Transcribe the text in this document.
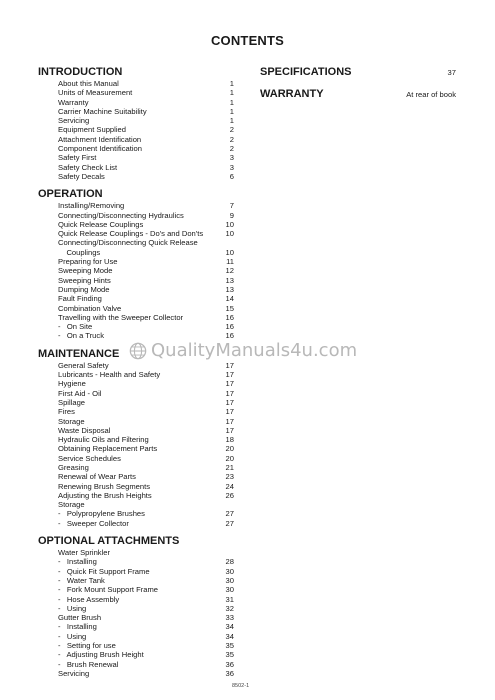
CONTENTS
INTRODUCTION
About this Manual	1
Units of Measurement	1
Warranty	1
Carrier Machine Suitability	1
Servicing	1
Equipment Supplied	2
Attachment Identification	2
Component Identification	2
Safety First	3
Safety Check List	3
Safety Decals	6
OPERATION
Installing/Removing	7
Connecting/Disconnecting Hydraulics	9
Quick Release Couplings	10
Quick Release Couplings - Do's and Don'ts	10
Connecting/Disconnecting Quick Release
Couplings	10
Preparing for Use	11
Sweeping Mode	12
Sweeping Hints	13
Dumping Mode	13
Fault Finding	14
Combination Valve	15
Travelling with the Sweeper Collector	16
-   On Site	16
-   On a Truck	16
MAINTENANCE
General Safety	17
Lubricants - Health and Safety	17
Hygiene	17
First Aid - Oil	17
Spillage	17
Fires	17
Storage	17
Waste Disposal	17
Hydraulic Oils and Filtering	18
Obtaining Replacement Parts	20
Service Schedules	20
Greasing	21
Renewal of Wear Parts	23
Renewing Brush Segments	24
Adjusting the Brush Heights	26
Storage
-   Polypropylene Brushes	27
-   Sweeper Collector	27
OPTIONAL ATTACHMENTS
Water Sprinkler
-   Installing	28
-   Quick Fit Support Frame	30
-   Water Tank	30
-   Fork Mount Support Frame	30
-   Hose Assembly	31
-   Using	32
Gutter Brush	33
-   Installing	34
-   Using	34
-   Setting for use	35
-   Adjusting Brush Height	35
-   Brush Renewal	36
Servicing	36
SPECIFICATIONS	37
WARRANTY	At rear of book
QualityManuals4u.com
8502-1
